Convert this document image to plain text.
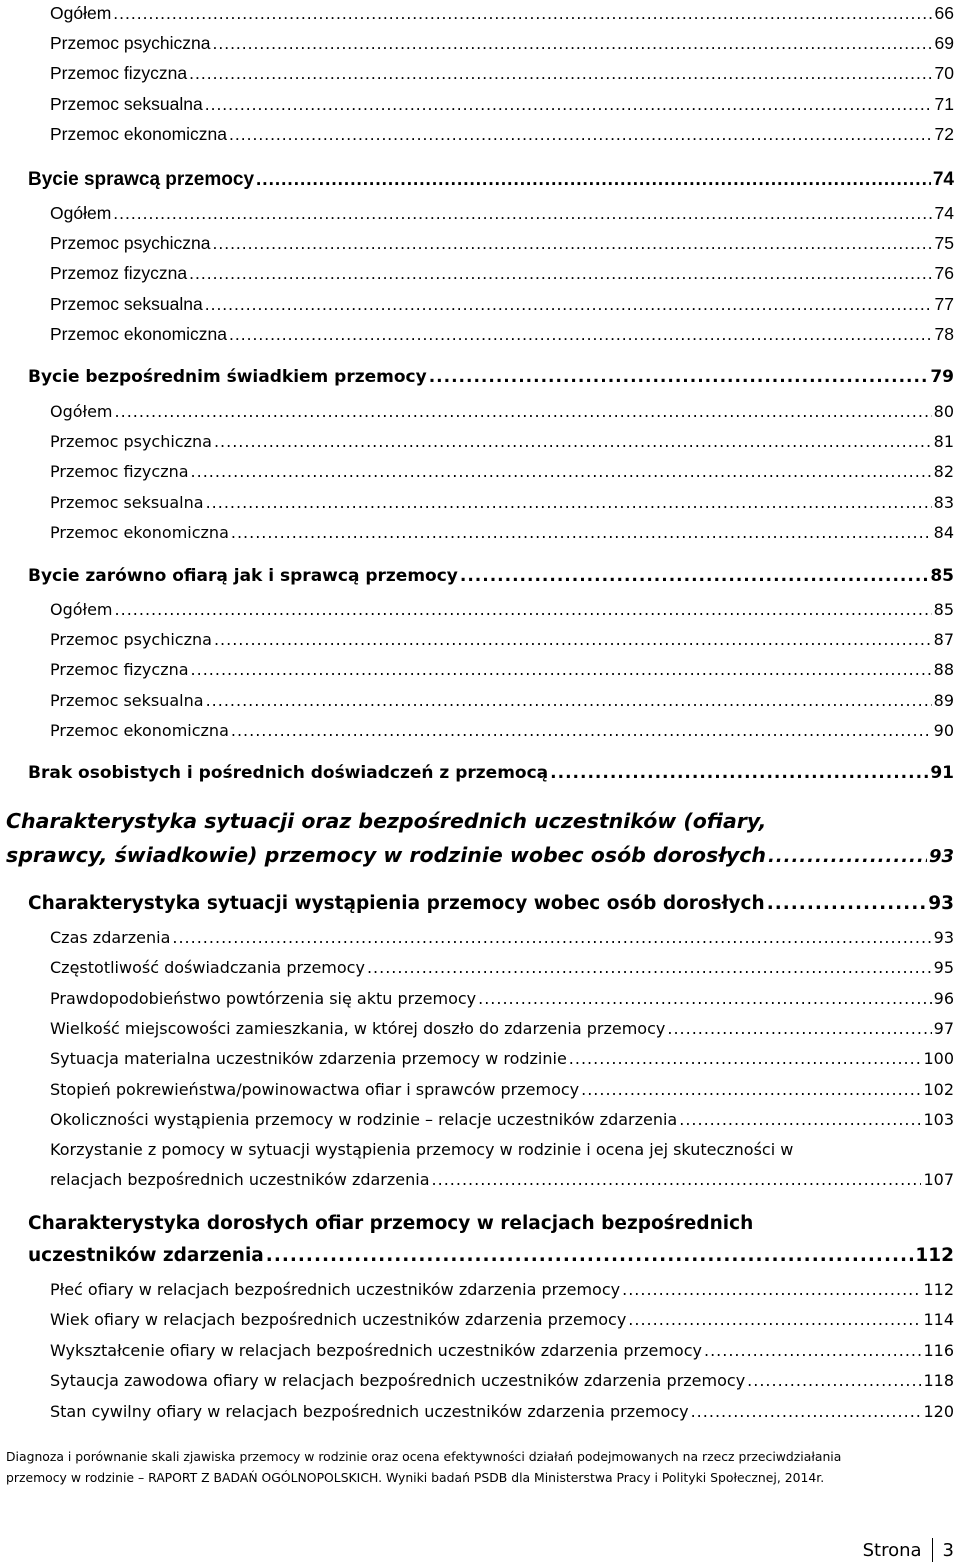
Ogółem .....	66
Przemoc psychiczna .....	69
Przemoc fizyczna .....	70
Przemoc seksualna .....	71
Przemoc ekonomiczna .....	72
Bycie sprawcą przemocy .....	74
Ogółem .....	74
Przemoc psychiczna .....	75
Przemoz fizyczna .....	76
Przemoc seksualna .....	77
Przemoc ekonomiczna .....	78
Bycie bezpośrednim świadkiem przemocy .....	79
Ogółem .....	80
Przemoc psychiczna .....	81
Przemoc fizyczna .....	82
Przemoc seksualna .....	83
Przemoc ekonomiczna .....	84
Bycie zarówno ofiarą jak i sprawcą przemocy .....	85
Ogółem .....	85
Przemoc psychiczna .....	87
Przemoc fizyczna .....	88
Przemoc seksualna .....	89
Przemoc ekonomiczna .....	90
Brak osobistych i pośrednich doświadczeń z przemocą .....	91
Charakterystyka sytuacji oraz bezpośrednich uczestników (ofiary,
sprawcy, świadkowie) przemocy w rodzinie wobec osób dorosłych .....	93
Charakterystyka sytuacji wystąpienia przemocy wobec osób dorosłych .....	93
Czas zdarzenia .....	93
Częstotliwość doświadczania przemocy .....	95
Prawdopodobieństwo powtórzenia się aktu przemocy .....	96
Wielkość miejscowości zamieszkania, w której doszło do zdarzenia przemocy .....	97
Sytuacja materialna uczestników zdarzenia przemocy w rodzinie .....	100
Stopień pokrewieństwa/powinowactwa ofiar i sprawców przemocy .....	102
Okoliczności wystąpienia przemocy w rodzinie – relacje uczestników zdarzenia .....	103
Korzystanie z pomocy w sytuacji wystąpienia przemocy w rodzinie i ocena jej skuteczności w
relacjach bezpośrednich uczestników zdarzenia .....	107
Charakterystyka dorosłych ofiar przemocy w relacjach bezpośrednich
uczestników zdarzenia .....	112
Płeć ofiary w relacjach bezpośrednich uczestników zdarzenia przemocy .....	112
Wiek ofiary w relacjach bezpośrednich uczestników zdarzenia przemocy .....	114
Wykształcenie ofiary w relacjach bezpośrednich uczestników zdarzenia przemocy .....	116
Sytaucja zawodowa ofiary w relacjach bezpośrednich uczestników zdarzenia przemocy .....	118
Stan cywilny ofiary w relacjach bezpośrednich uczestników zdarzenia przemocy .....	120
Diagnoza i porównanie skali zjawiska przemocy w rodzinie oraz ocena efektywności działań podejmowanych na rzecz przeciwdziałania
przemocy w rodzinie – RAPORT Z BADAŃ OGÓLNOPOLSKICH. Wyniki badań PSDB dla Ministerstwa Pracy i Polityki Społecznej, 2014r.
Strona 3
